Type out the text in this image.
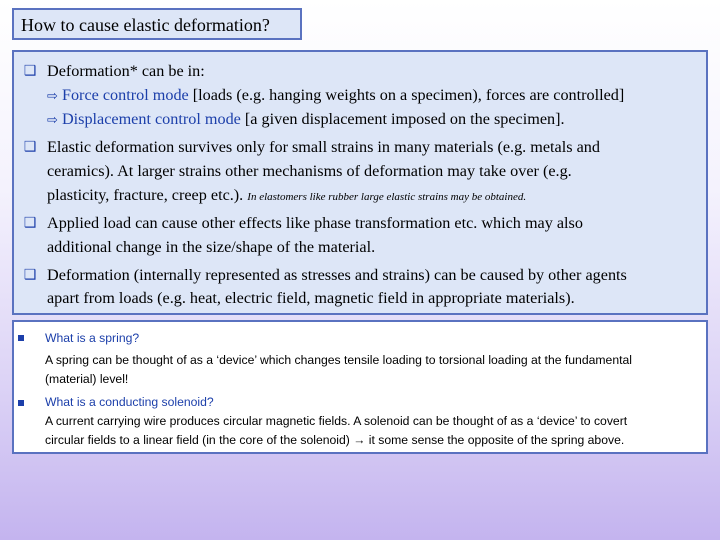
How to cause elastic deformation?
❑ Deformation* can be in:
⇨ Force control mode [loads (e.g. hanging weights on a specimen), forces are controlled]
⇨ Displacement control mode [a given displacement imposed on the specimen].
❑ Elastic deformation survives only for small strains in many materials (e.g. metals and
ceramics). At larger strains other mechanisms of deformation may take over (e.g.
plasticity, fracture, creep etc.). In elastomers like rubber large elastic strains may be obtained.
❑ Applied load can cause other effects like phase transformation etc. which may also
additional change in the size/shape of the material.
❑ Deformation (internally represented as stresses and strains) can be caused by other agents
apart from loads (e.g. heat, electric field, magnetic field in appropriate materials).
What is a spring?
A spring can be thought of as a ‘device’ which changes tensile loading to torsional loading at the fundamental
(material) level!
What is a conducting solenoid?
A current carrying wire produces circular magnetic fields. A solenoid can be thought of as a ‘device’ to covert
circular fields to a linear field (in the core of the solenoid) → it some sense the opposite of the spring above.
